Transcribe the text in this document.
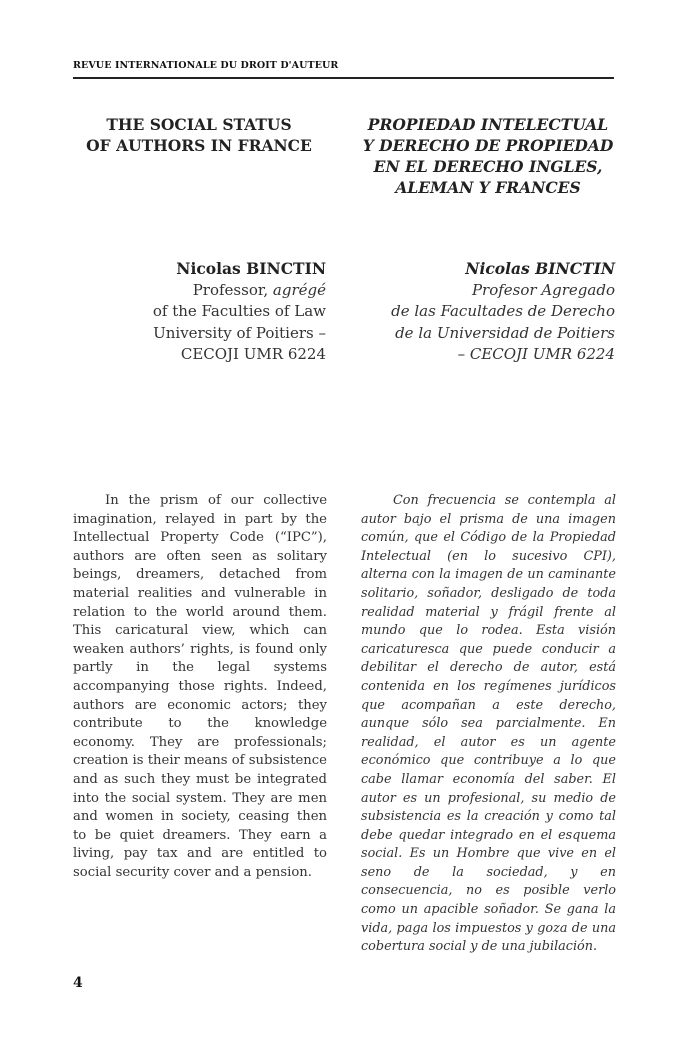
REVUE INTERNATIONALE DU DROIT D'AUTEUR
THE SOCIAL STATUS
OF AUTHORS IN FRANCE
PROPIEDAD INTELECTUAL
Y DERECHO DE PROPIEDAD
EN EL DERECHO INGLES,
ALEMAN Y FRANCES
Nicolas BINCTIN
Professor, agrégé
of the Faculties of Law
University of Poitiers –
CECOJI UMR 6224
Nicolas BINCTIN
Profesor Agregado
de las Facultades de Derecho
de la Universidad de Poitiers
– CECOJI UMR 6224
In the prism of our collective imagination, relayed in part by the Intellectual Property Code (“IPC”), authors are often seen as solitary beings, dreamers, detached from material realities and vulnerable in relation to the world around them. This caricatural view, which can weaken authors’ rights, is found only partly in the legal systems accompanying those rights. Indeed, authors are economic actors; they contribute to the knowledge economy. They are professionals; creation is their means of subsistence and as such they must be integrated into the social system. They are men and women in society, ceasing then to be quiet dreamers. They earn a living, pay tax and are entitled to social security cover and a pension.
Con frecuencia se contempla al autor bajo el prisma de una imagen común, que el Código de la Propiedad Intelectual (en lo sucesivo CPI), alterna con la imagen de un caminante solitario, soñador, desligado de toda realidad material y frágil frente al mundo que lo rodea. Esta visión caricaturesca que puede conducir a debilitar el derecho de autor, está contenida en los regímenes jurídicos que acompañan a este derecho, aunque sólo sea parcialmente. En realidad, el autor es un agente económico que contribuye a lo que cabe llamar economía del saber. El autor es un profesional, su medio de subsistencia es la creación y como tal debe quedar integrado en el esquema social. Es un Hombre que vive en el seno de la sociedad, y en consecuencia, no es posible verlo como un apacible soñador. Se gana la vida, paga los impuestos y goza de una cobertura social y de una jubilación.
4
